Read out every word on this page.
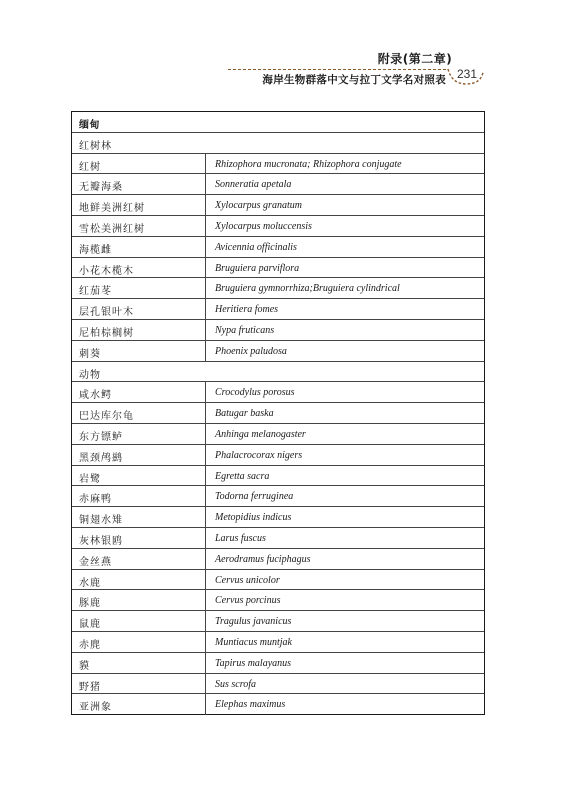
附录(第二章)
海岸生物群落中文与拉丁文学名对照表 231
缅甸
红树林
红树	Rhizophora mucronata; Rhizophora conjugate
无瓣海桑	Sonneratia apetala
地鲜美洲红树	Xylocarpus granatum
雪松美洲红树	Xylocarpus moluccensis
海榄雌	Avicennia officinalis
小花木榄木	Bruguiera parviflora
红茄苳	Bruguiera gymnorrhiza;Bruguiera cylindrical
层孔银叶木	Heritiera fomes
尼柏棕榈树	Nypa fruticans
刺葵	Phoenix paludosa
动物
咸水鳄	Crocodylus porosus
巴达库尔龟	Batugar baska
东方镖鲈	Anhinga melanogaster
黑颈鸬鹚	Phalacrocorax nigers
岩鹭	Egretta sacra
赤麻鸭	Todorna ferruginea
铜翅水雉	Metopidius indicus
灰林银鸥	Larus fuscus
金丝燕	Aerodramus fuciphagus
水鹿	Cervus unicolor
豚鹿	Cervus porcinus
鼠鹿	Tragulus javanicus
赤麂	Muntiacus muntjak
貘	Tapirus malayanus
野猪	Sus scrofa
亚洲象	Elephas maximus
